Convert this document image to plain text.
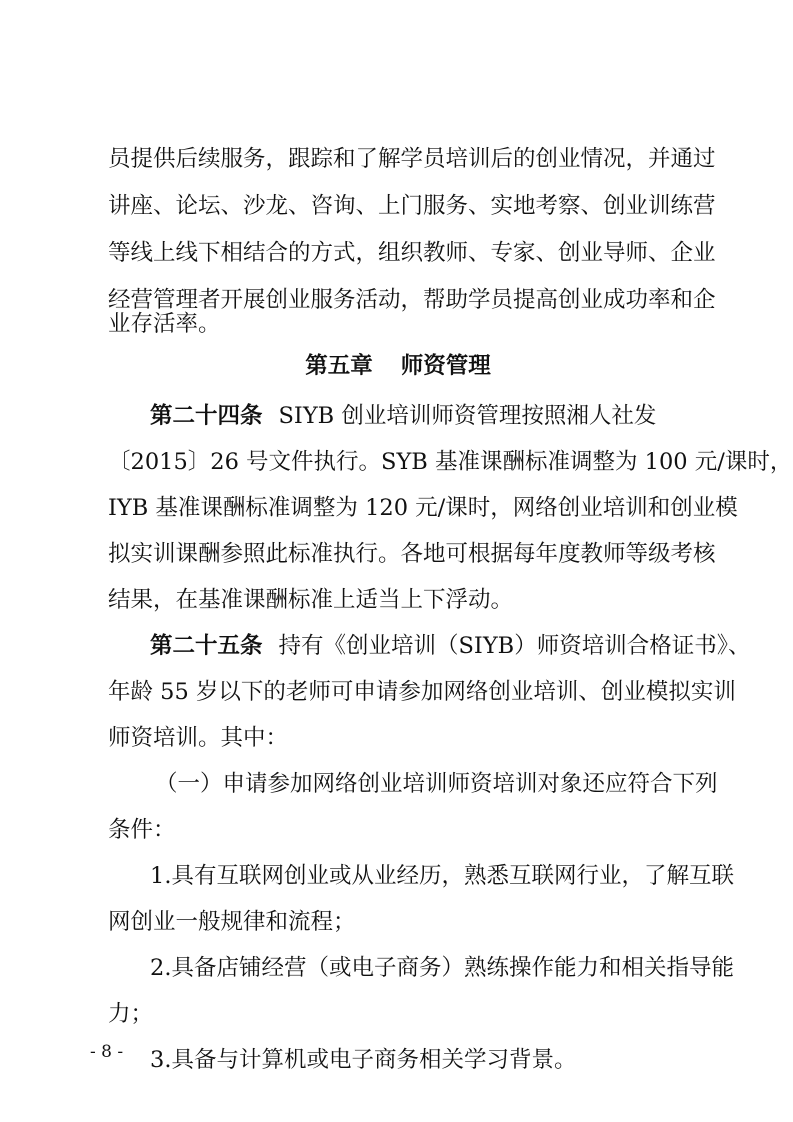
员提供后续服务，跟踪和了解学员培训后的创业情况，并通过
讲座、论坛、沙龙、咨询、上门服务、实地考察、创业训练营
等线上线下相结合的方式，组织教师、专家、创业导师、企业
经营管理者开展创业服务活动，帮助学员提高创业成功率和企
业存活率。
第五章 师资管理
第二十四条 SIYB 创业培训师资管理按照湘人社发
〔2015〕26 号文件执行。SYB 基准课酬标准调整为 100 元/课时，
IYB 基准课酬标准调整为 120 元/课时，网络创业培训和创业模
拟实训课酬参照此标准执行。各地可根据每年度教师等级考核
结果，在基准课酬标准上适当上下浮动。
第二十五条 持有《创业培训（SIYB）师资培训合格证书》、
年龄 55 岁以下的老师可申请参加网络创业培训、创业模拟实训
师资培训。其中：
（一）申请参加网络创业培训师资培训对象还应符合下列
条件：
1.具有互联网创业或从业经历，熟悉互联网行业，了解互联
网创业一般规律和流程；
2.具备店铺经营（或电子商务）熟练操作能力和相关指导能
力；
3.具备与计算机或电子商务相关学习背景。
- 8 -
